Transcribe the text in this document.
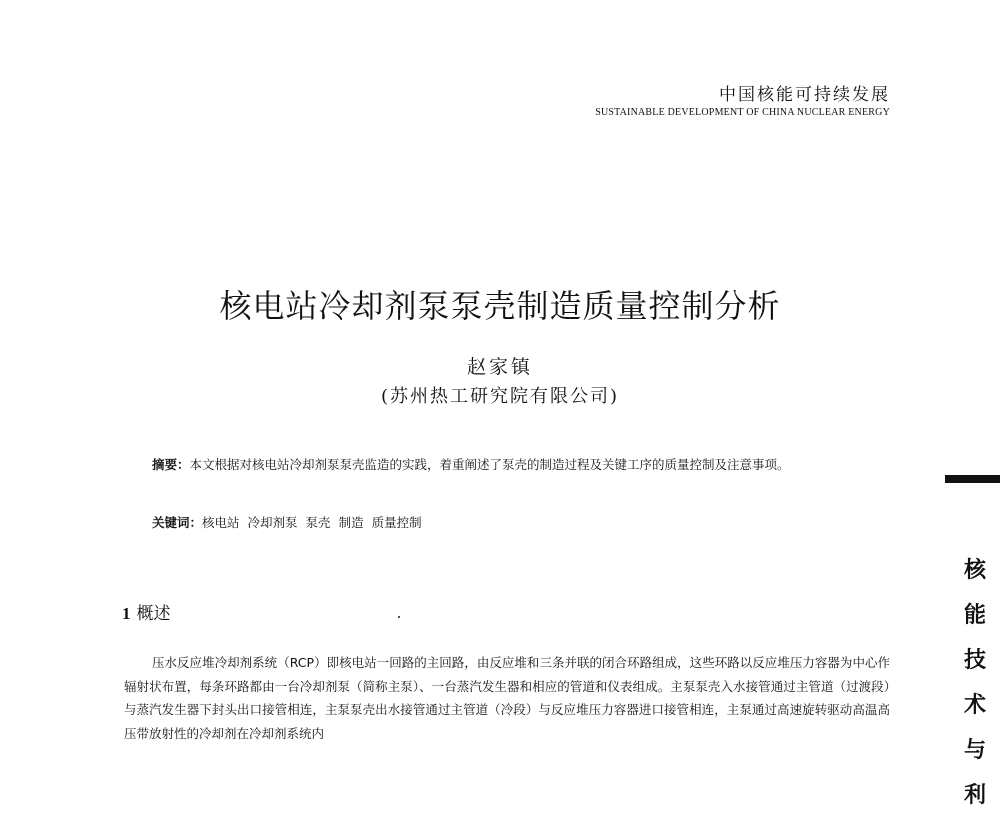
中国核能可持续发展
SUSTAINABLE DEVELOPMENT OF CHINA NUCLEAR ENERGY
核电站冷却剂泵泵壳制造质量控制分析
赵家镇
(苏州热工研究院有限公司)

摘要：本文根据对核电站冷却剂泵泵壳监造的实践，着重阐述了泵壳的制造过程及关键工序的质量控制及注意事项。

关键词：核电站 冷却剂泵 泵壳 制造 质量控制
1 概述

压水反应堆冷却剂系统（RCP）即核电站一回路的主回路，由反应堆和三条并联的闭合环路组成，这些环路以反应堆压力容器为中心作辐射状布置，每条环路都由一台冷却剂泵（简称主泵）、一台蒸汽发生器和相应的管道和仪表组成。主泵泵壳入水接管通过主管道（过渡段）与蒸汽发生器下封头出口接管相连，主泵泵壳出水接管通过主管道（冷段）与反应堆压力容器进口接管相连，主泵通过高速旋转驱动高温高压带放射性的冷却剂在冷却剂系统内

核
能
技
术
与
利
